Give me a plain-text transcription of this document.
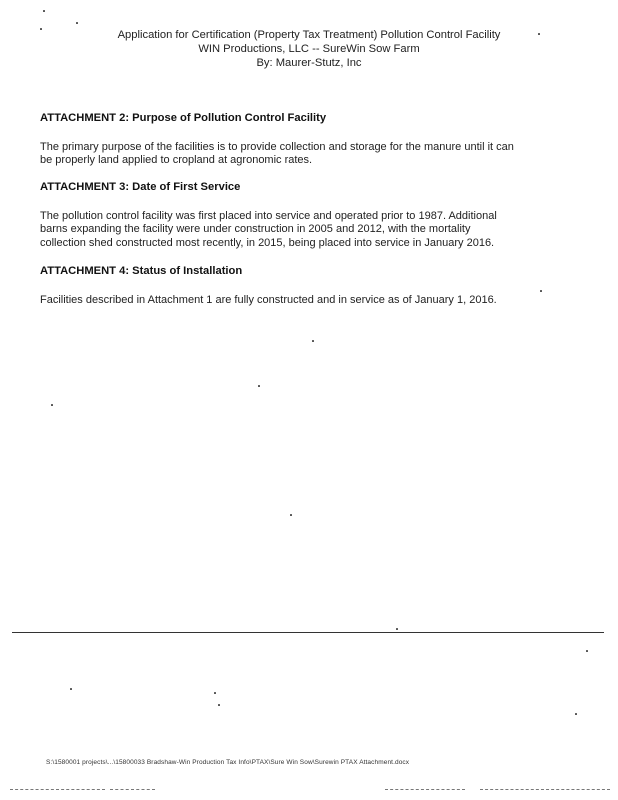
Application for Certification (Property Tax Treatment) Pollution Control Facility
WIN Productions, LLC -- SureWin Sow Farm
By: Maurer-Stutz, Inc
ATTACHMENT 2: Purpose of Pollution Control Facility
The primary purpose of the facilities is to provide collection and storage for the manure until it can
be properly land applied to cropland at agronomic rates.
ATTACHMENT 3: Date of First Service
The pollution control facility was first placed into service and operated prior to 1987. Additional
barns expanding the facility were under construction in 2005 and 2012, with the mortality
collection shed constructed most recently, in 2015, being placed into service in January 2016.
ATTACHMENT 4: Status of Installation
Facilities described in Attachment 1 are fully constructed and in service as of January 1, 2016.
S:\1580001 projects\...\15800033 Bradshaw-Win Production Tax Info\PTAX\Sure Win Sow\Surewin PTAX Attachment.docx
